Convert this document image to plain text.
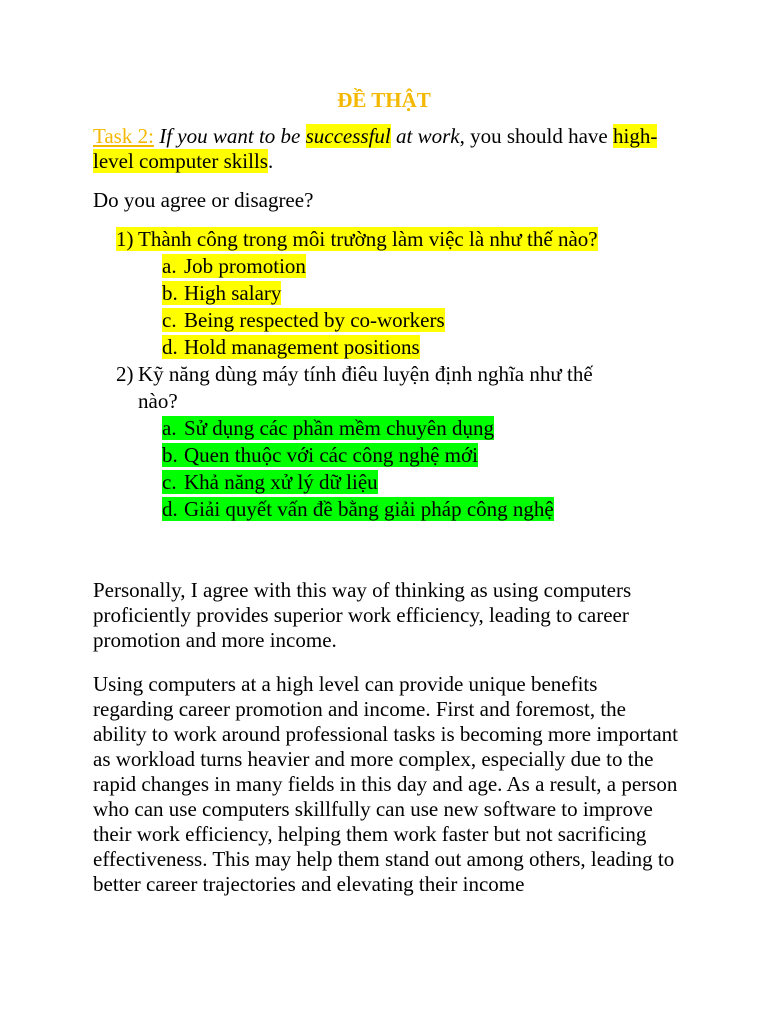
ĐỀ THẬT
Task 2: If you want to be successful at work, you should have high-level computer skills.
Do you agree or disagree?
1) Thành công trong môi trường làm việc là như thế nào?
a. Job promotion
b. High salary
c. Being respected by co-workers
d. Hold management positions
2) Kỹ năng dùng máy tính điêu luyện định nghĩa như thế
nào?
a. Sử dụng các phần mềm chuyên dụng
b. Quen thuộc với các công nghệ mới
c. Khả năng xử lý dữ liệu
d. Giải quyết vấn đề bằng giải pháp công nghệ

Personally, I agree with this way of thinking as using computers proficiently provides superior work efficiency, leading to career promotion and more income.

Using computers at a high level can provide unique benefits regarding career promotion and income. First and foremost, the ability to work around professional tasks is becoming more important as workload turns heavier and more complex, especially due to the rapid changes in many fields in this day and age. As a result, a person who can use computers skillfully can use new software to improve their work efficiency, helping them work faster but not sacrificing effectiveness. This may help them stand out among others, leading to better career trajectories and elevating their income
